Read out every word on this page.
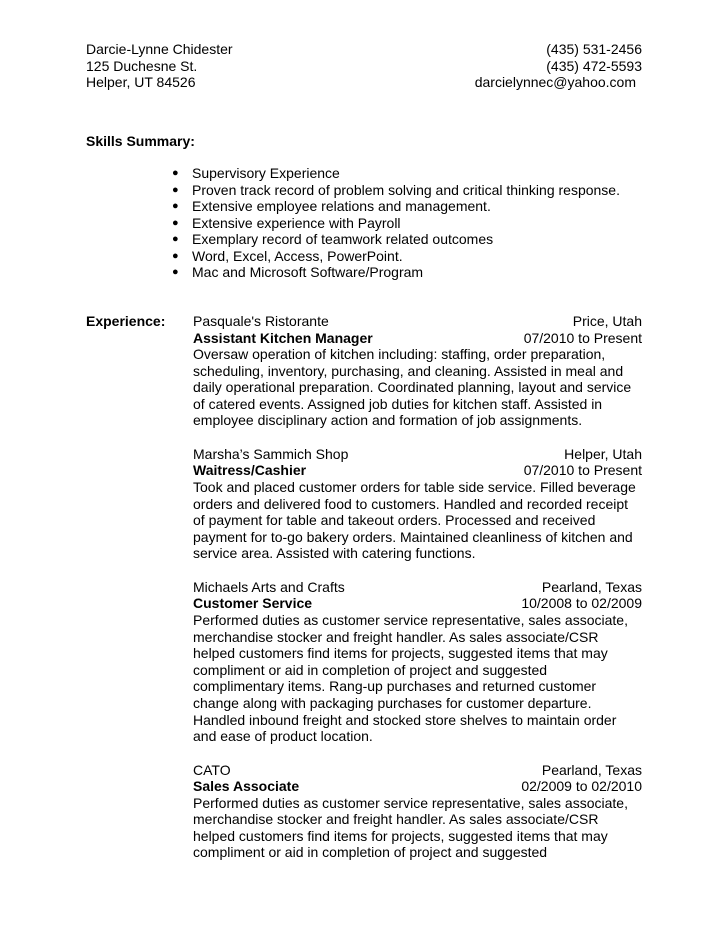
Darcie-Lynne Chidester	(435) 531-2456
125 Duchesne St.	(435) 472-5593
Helper, UT 84526	darcielynnec@yahoo.com
Skills Summary:
● Supervisory Experience
● Proven track record of problem solving and critical thinking response.
● Extensive employee relations and management.
● Extensive experience with Payroll
● Exemplary record of teamwork related outcomes
● Word, Excel, Access, PowerPoint.
● Mac and Microsoft Software/Program
Experience: Pasquale's Ristorante	Price, Utah
Assistant Kitchen Manager	07/2010 to Present
Oversaw operation of kitchen including: staffing, order preparation,
scheduling, inventory, purchasing, and cleaning. Assisted in meal and
daily operational preparation. Coordinated planning, layout and service
of catered events. Assigned job duties for kitchen staff. Assisted in
employee disciplinary action and formation of job assignments.
Marsha’s Sammich Shop	Helper, Utah
Waitress/Cashier	07/2010 to Present
Took and placed customer orders for table side service. Filled beverage
orders and delivered food to customers. Handled and recorded receipt
of payment for table and takeout orders. Processed and received
payment for to-go bakery orders. Maintained cleanliness of kitchen and
service area. Assisted with catering functions.
Michaels Arts and Crafts	Pearland, Texas
Customer Service	10/2008 to 02/2009
Performed duties as customer service representative, sales associate,
merchandise stocker and freight handler. As sales associate/CSR
helped customers find items for projects, suggested items that may
compliment or aid in completion of project and suggested
complimentary items. Rang-up purchases and returned customer
change along with packaging purchases for customer departure.
Handled inbound freight and stocked store shelves to maintain order
and ease of product location.
CATO	Pearland, Texas
Sales Associate	02/2009 to 02/2010
Performed duties as customer service representative, sales associate,
merchandise stocker and freight handler. As sales associate/CSR
helped customers find items for projects, suggested items that may
compliment or aid in completion of project and suggested
